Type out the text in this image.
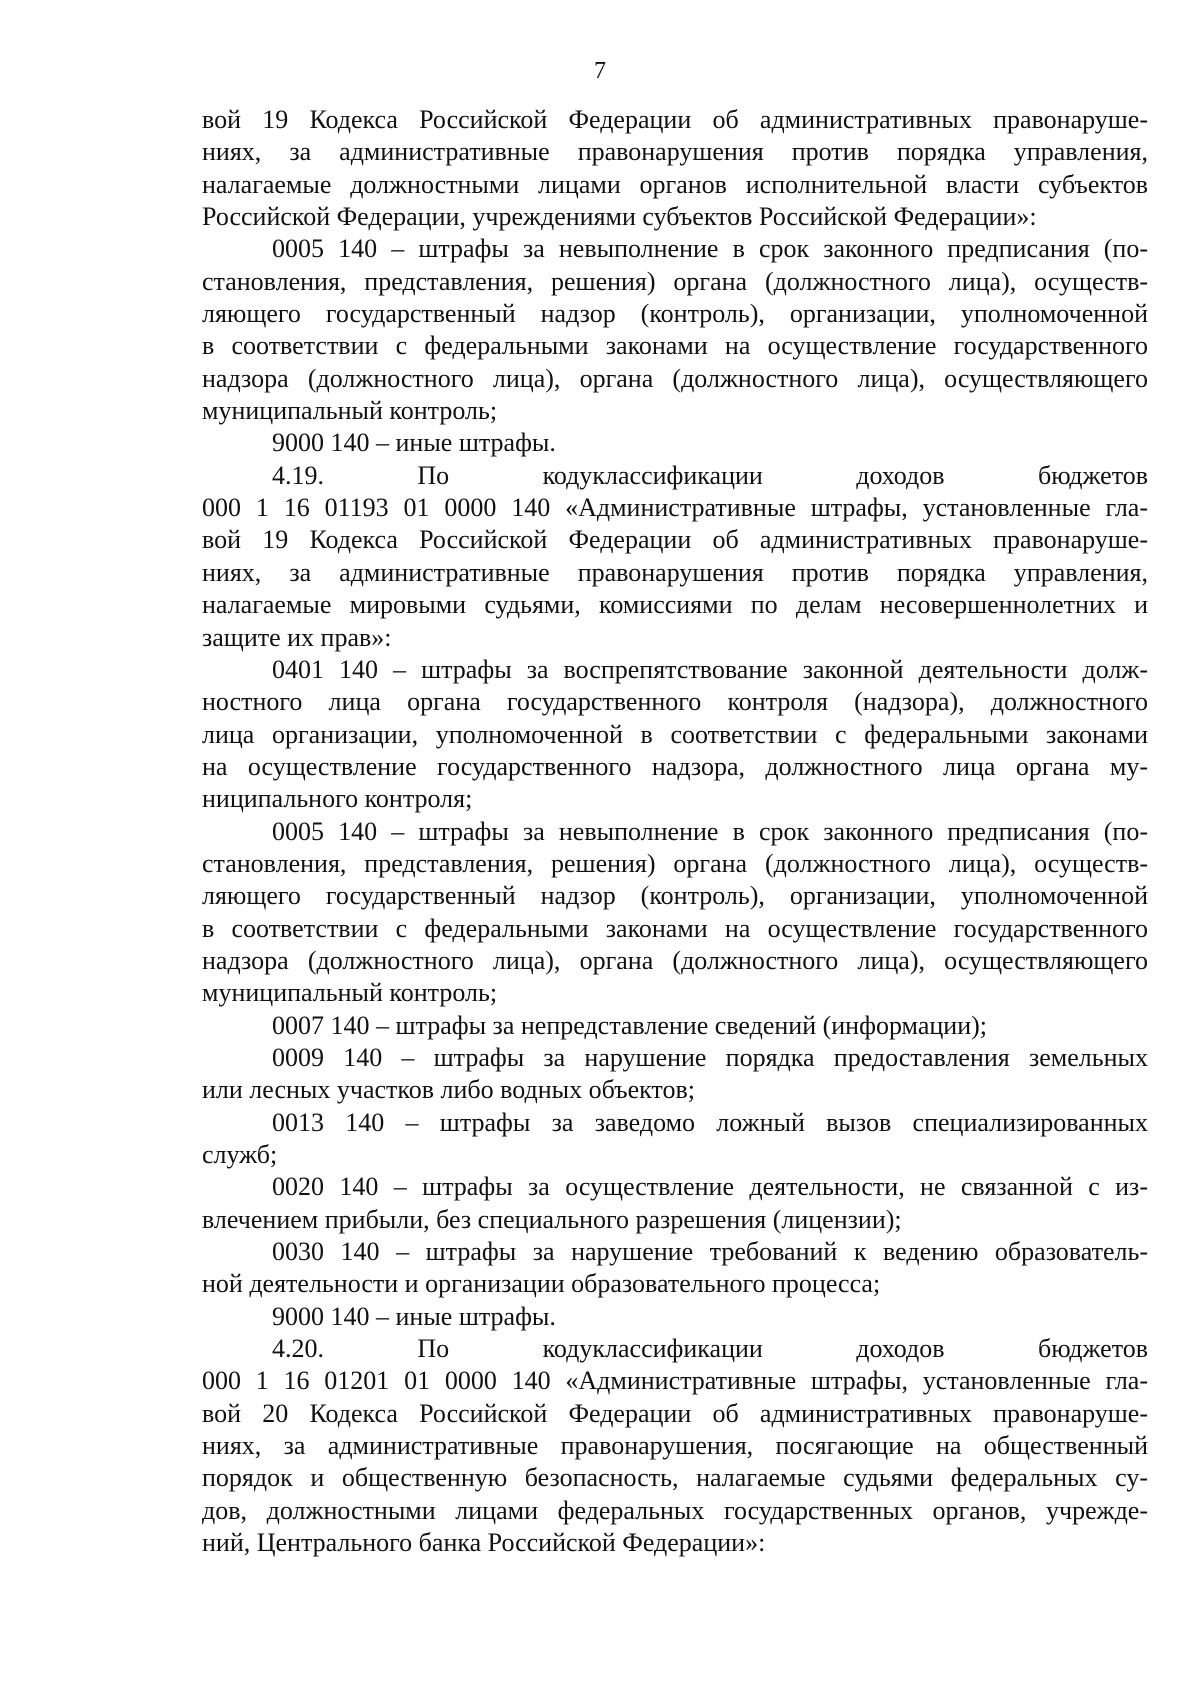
7
вой 19 Кодекса Российской Федерации об административных правонаруше-
ниях, за административные правонарушения против порядка управления,
налагаемые должностными лицами органов исполнительной власти субъектов
Российской Федерации, учреждениями субъектов Российской Федерации»:
0005 140 – штрафы за невыполнение в срок законного предписания (по-
становления, представления, решения) органа (должностного лица), осуществ-
ляющего государственный надзор (контроль), организации, уполномоченной
в соответствии с федеральными законами на осуществление государственного
надзора (должностного лица), органа (должностного лица), осуществляющего
муниципальный контроль;
9000 140 – иные штрафы.
4.19. По кодуклассификации доходов бюджетов
000 1 16 01193 01 0000 140 «Административные штрафы, установленные гла-
вой 19 Кодекса Российской Федерации об административных правонаруше-
ниях, за административные правонарушения против порядка управления,
налагаемые мировыми судьями, комиссиями по делам несовершеннолетних и
защите их прав»:
0401 140 – штрафы за воспрепятствование законной деятельности долж-
ностного лица органа государственного контроля (надзора), должностного
лица организации, уполномоченной в соответствии с федеральными законами
на осуществление государственного надзора, должностного лица органа му-
ниципального контроля;
0005 140 – штрафы за невыполнение в срок законного предписания (по-
становления, представления, решения) органа (должностного лица), осуществ-
ляющего государственный надзор (контроль), организации, уполномоченной
в соответствии с федеральными законами на осуществление государственного
надзора (должностного лица), органа (должностного лица), осуществляющего
муниципальный контроль;
0007 140 – штрафы за непредставление сведений (информации);
0009 140 – штрафы за нарушение порядка предоставления земельных
или лесных участков либо водных объектов;
0013 140 – штрафы за заведомо ложный вызов специализированных
служб;
0020 140 – штрафы за осуществление деятельности, не связанной с из-
влечением прибыли, без специального разрешения (лицензии);
0030 140 – штрафы за нарушение требований к ведению образователь-
ной деятельности и организации образовательного процесса;
9000 140 – иные штрафы.
4.20. По кодуклассификации доходов бюджетов
000 1 16 01201 01 0000 140 «Административные штрафы, установленные гла-
вой 20 Кодекса Российской Федерации об административных правонаруше-
ниях, за административные правонарушения, посягающие на общественный
порядок и общественную безопасность, налагаемые судьями федеральных су-
дов, должностными лицами федеральных государственных органов, учрежде-
ний, Центрального банка Российской Федерации»:
